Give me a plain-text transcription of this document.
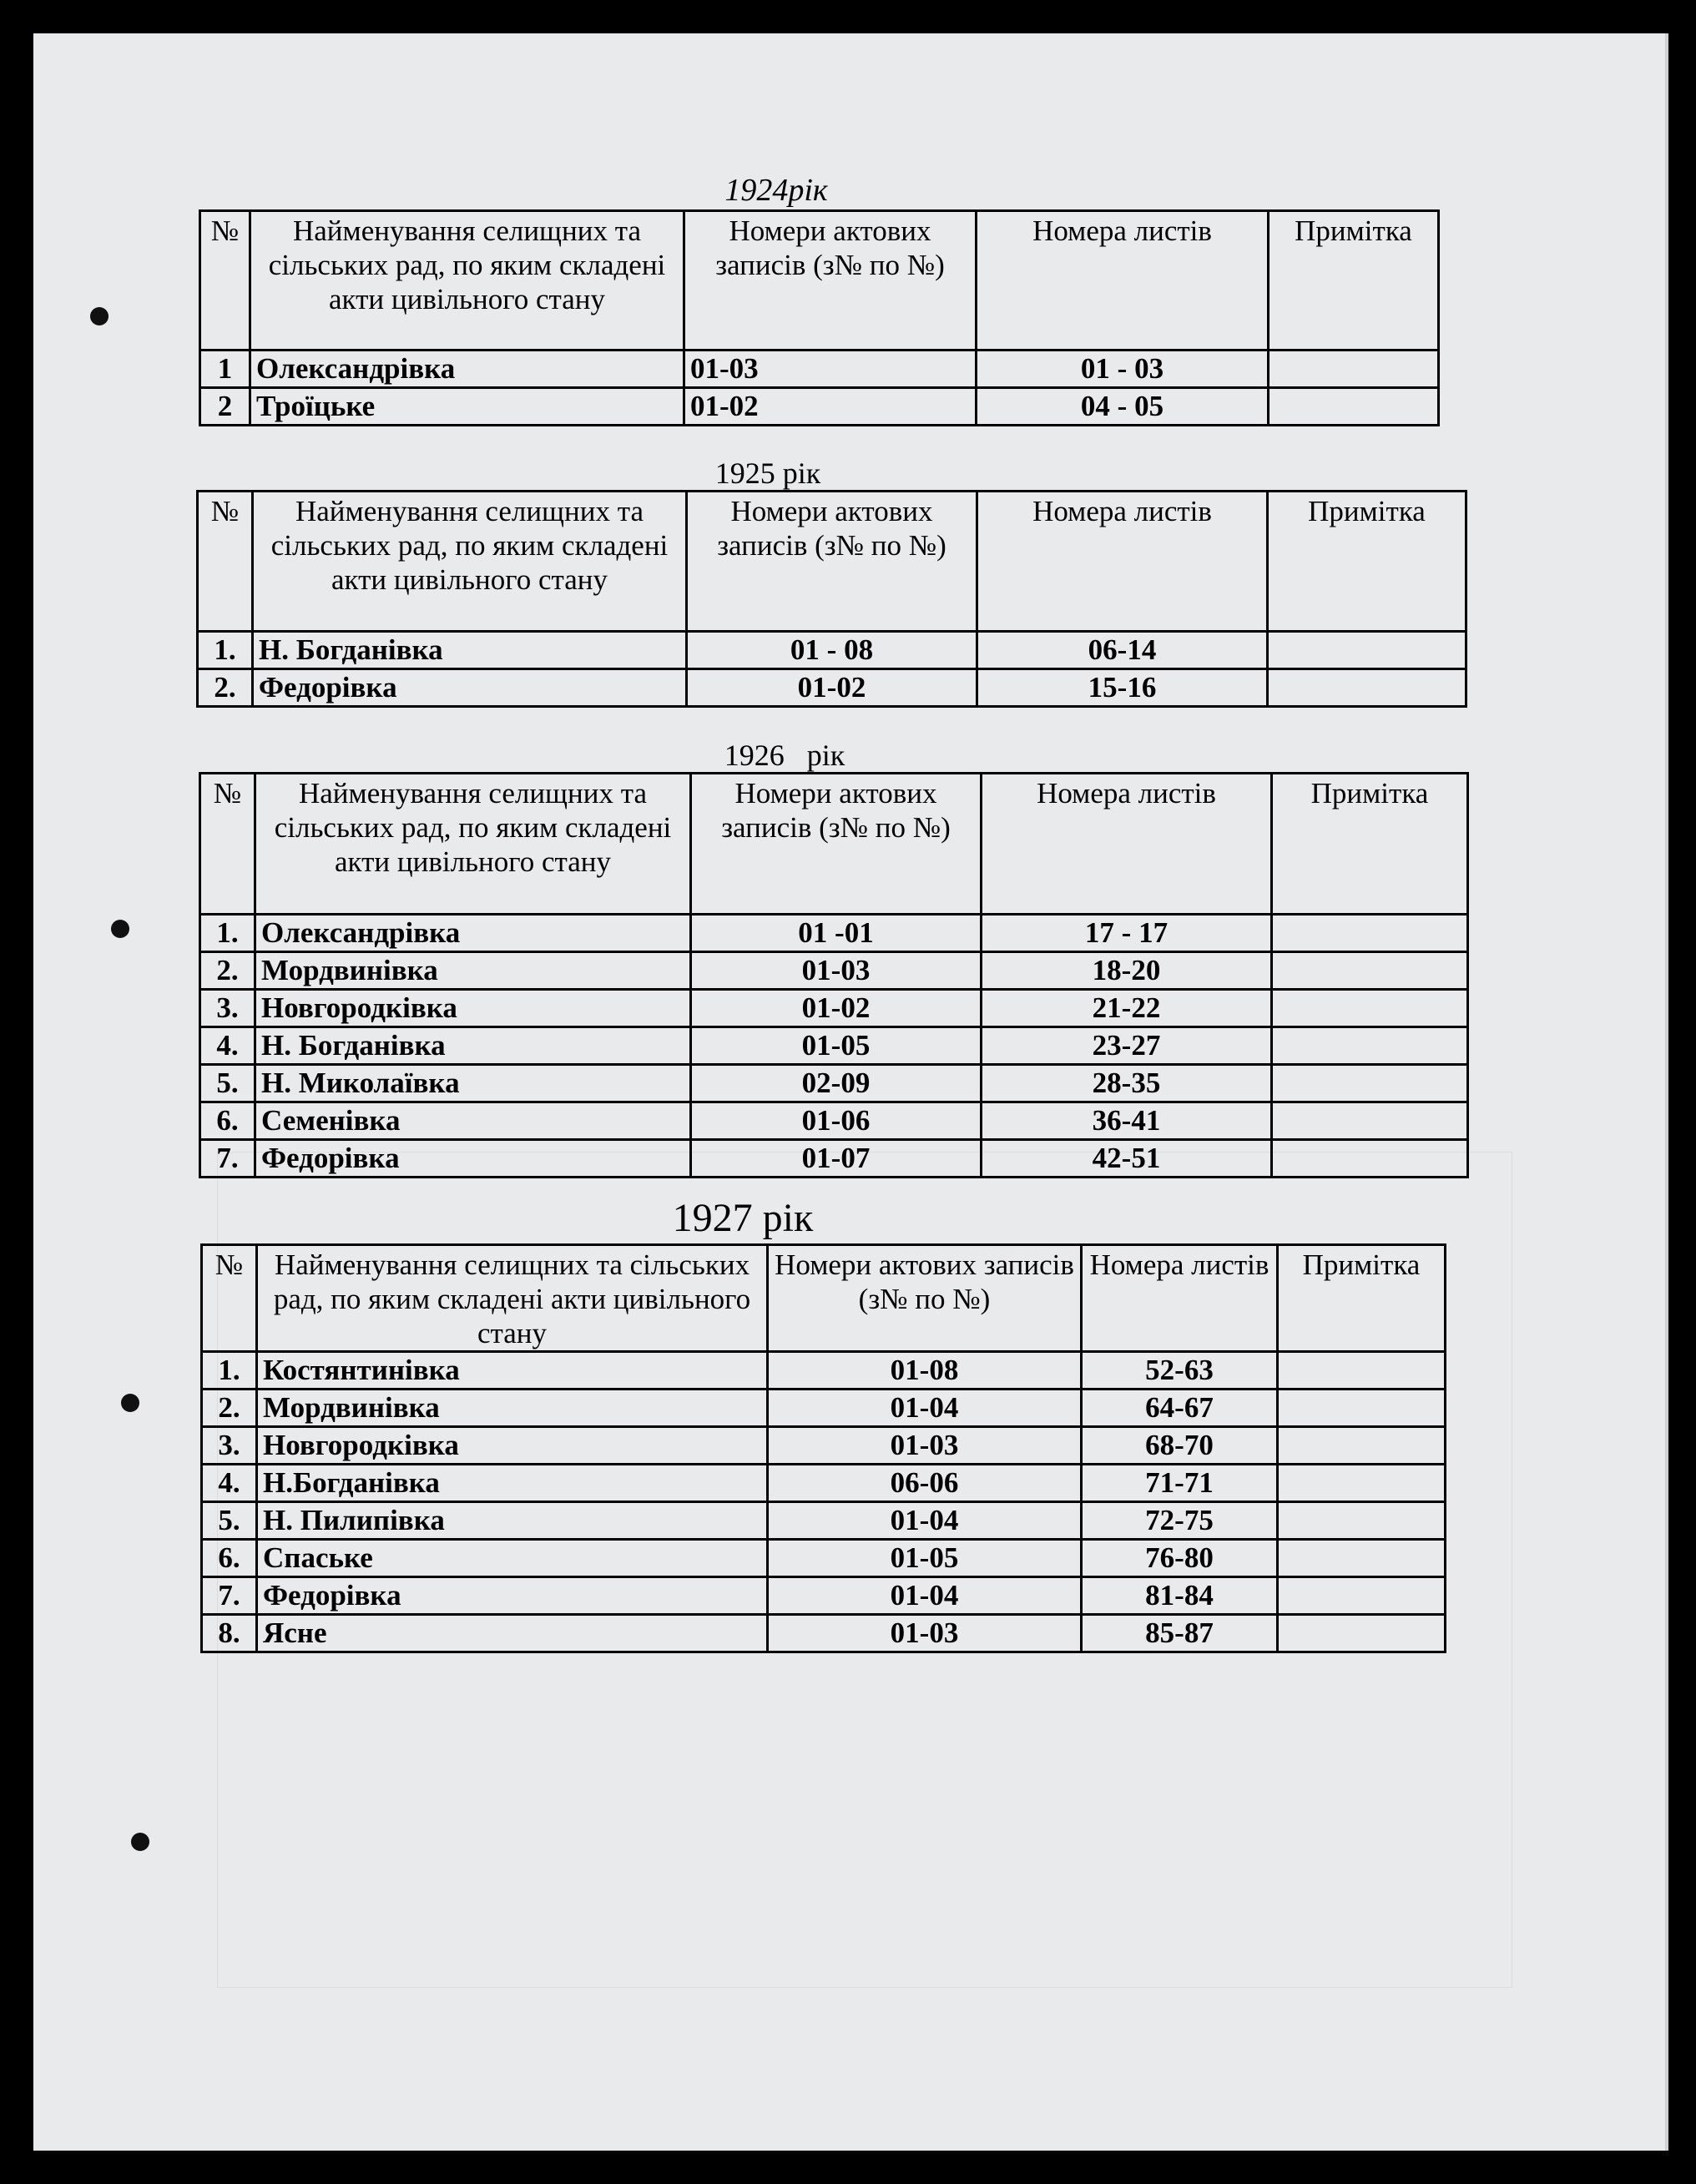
1924рік
№	Найменування селищних та сільських рад, по яким складені акти цивільного стану	Номери актових записів (з№ по №)	Номера листів	Примітка
1	Олександрівка	01-03	01 - 03	
2	Троїцьке	01-02	04 - 05	
1925 рік
№	Найменування селищних та сільських рад, по яким складені акти цивільного стану	Номери актових записів (з№ по №)	Номера листів	Примітка
1.	Н. Богданівка	01 - 08	06-14	
2.	Федорівка	01-02	15-16	
1926   рік
№	Найменування селищних та сільських рад, по яким складені акти цивільного стану	Номери актових записів (з№ по №)	Номера листів	Примітка
1.	Олександрівка	01 -01	17 - 17	
2.	Мордвинівка	01-03	18-20	
3.	Новгородківка	01-02	21-22	
4.	Н. Богданівка	01-05	23-27	
5.	Н. Миколаївка	02-09	28-35	
6.	Семенівка	01-06	36-41	
7.	Федорівка	01-07	42-51	
1927 рік
№	Найменування селищних та сільських рад, по яким складені акти цивільного стану	Номери актових записів (з№ по №)	Номера листів	Примітка
1.	Костянтинівка	01-08	52-63	
2.	Мордвинівка	01-04	64-67	
3.	Новгородківка	01-03	68-70	
4.	Н.Богданівка	06-06	71-71	
5.	Н. Пилипівка	01-04	72-75	
6.	Спаське	01-05	76-80	
7.	Федорівка	01-04	81-84	
8.	Ясне	01-03	85-87	
